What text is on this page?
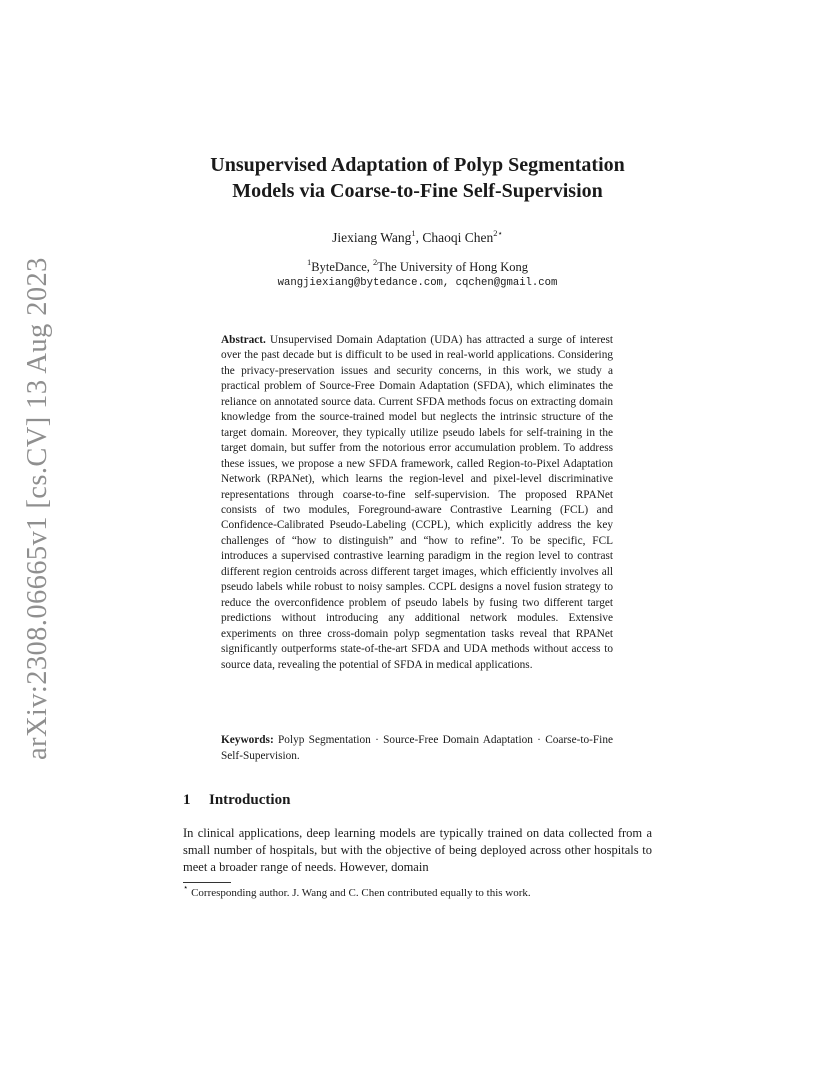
arXiv:2308.06665v1 [cs.CV] 13 Aug 2023
Unsupervised Adaptation of Polyp Segmentation
Models via Coarse-to-Fine Self-Supervision
Jiexiang Wang$^1$, Chaoqi Chen$^{2⋆}$
$^1$ByteDance, $^2$The University of Hong Kong
wangjiexiang@bytedance.com, cqchen@gmail.com
Abstract. Unsupervised Domain Adaptation (UDA) has attracted a surge of interest over the past decade but is difficult to be used in real-world applications. Considering the privacy-preservation issues and security concerns, in this work, we study a practical problem of Source-Free Domain Adaptation (SFDA), which eliminates the reliance on annotated source data. Current SFDA methods focus on extracting domain knowledge from the source-trained model but neglects the intrinsic structure of the target domain. Moreover, they typically utilize pseudo labels for self-training in the target domain, but suffer from the notorious error accumulation problem. To address these issues, we propose a new SFDA framework, called Region-to-Pixel Adaptation Network (RPANet), which learns the region-level and pixel-level discriminative representations through coarse-to-fine self-supervision. The proposed RPANet consists of two modules, Foreground-aware Contrastive Learning (FCL) and Confidence-Calibrated Pseudo-Labeling (CCPL), which explicitly address the key challenges of “how to distinguish” and “how to refine”. To be specific, FCL introduces a supervised contrastive learning paradigm in the region level to contrast different region centroids across different target images, which efficiently involves all pseudo labels while robust to noisy samples. CCPL designs a novel fusion strategy to reduce the overconfidence problem of pseudo labels by fusing two different target predictions without introducing any additional network modules. Extensive experiments on three cross-domain polyp segmentation tasks reveal that RPANet significantly outperforms state-of-the-art SFDA and UDA methods without access to source data, revealing the potential of SFDA in medical applications.
Keywords: Polyp Segmentation · Source-Free Domain Adaptation · Coarse-to-Fine Self-Supervision.
1 Introduction
In clinical applications, deep learning models are typically trained on data collected from a small number of hospitals, but with the objective of being deployed across other hospitals to meet a broader range of needs. However, domain
⋆ Corresponding author. J. Wang and C. Chen contributed equally to this work.
